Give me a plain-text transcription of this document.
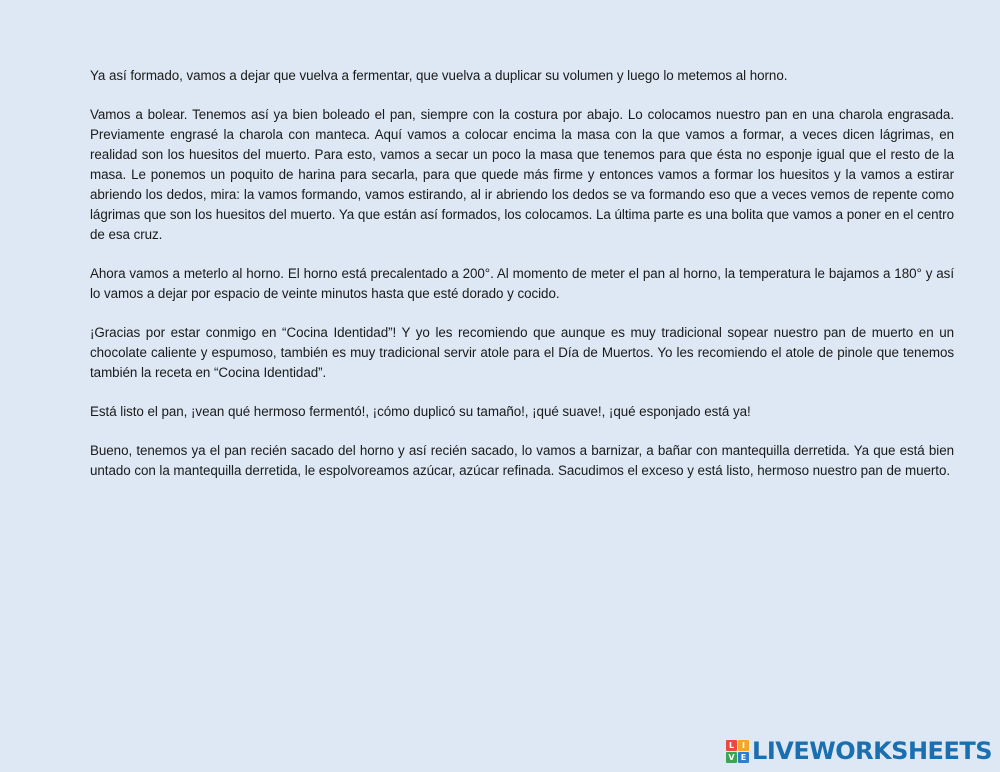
Ya así formado, vamos a dejar que vuelva a fermentar, que vuelva a duplicar su volumen y luego lo metemos al horno.

Vamos a bolear. Tenemos así ya bien boleado el pan, siempre con la costura por abajo. Lo colocamos nuestro pan en una charola engrasada. Previamente engrasé la charola con manteca. Aquí vamos a colocar encima la masa con la que vamos a formar, a veces dicen lágrimas, en realidad son los huesitos del muerto. Para esto, vamos a secar un poco la masa que tenemos para que ésta no esponje igual que el resto de la masa. Le ponemos un poquito de harina para secarla, para que quede más firme y entonces vamos a formar los huesitos y la vamos a estirar abriendo los dedos, mira: la vamos formando, vamos estirando, al ir abriendo los dedos se va formando eso que a veces vemos de repente como lágrimas que son los huesitos del muerto. Ya que están así formados, los colocamos. La última parte es una bolita que vamos a poner en el centro de esa cruz.

Ahora vamos a meterlo al horno. El horno está precalentado a 200°. Al momento de meter el pan al horno, la temperatura le bajamos a 180° y así lo vamos a dejar por espacio de veinte minutos hasta que esté dorado y cocido.

¡Gracias por estar conmigo en “Cocina Identidad”! Y yo les recomiendo que aunque es muy tradicional sopear nuestro pan de muerto en un chocolate caliente y espumoso, también es muy tradicional servir atole para el Día de Muertos. Yo les recomiendo el atole de pinole que tenemos también la receta en “Cocina Identidad”.

Está listo el pan, ¡vean qué hermoso fermentó!, ¡cómo duplicó su tamaño!, ¡qué suave!, ¡qué esponjado está ya!

Bueno, tenemos ya el pan recién sacado del horno y así recién sacado, lo vamos a barnizar, a bañar con mantequilla derretida. Ya que está bien untado con la mantequilla derretida, le espolvoreamos azúcar, azúcar refinada. Sacudimos el exceso y está listo, hermoso nuestro pan de muerto.

L I
V E LIVEWORKSHEETS
